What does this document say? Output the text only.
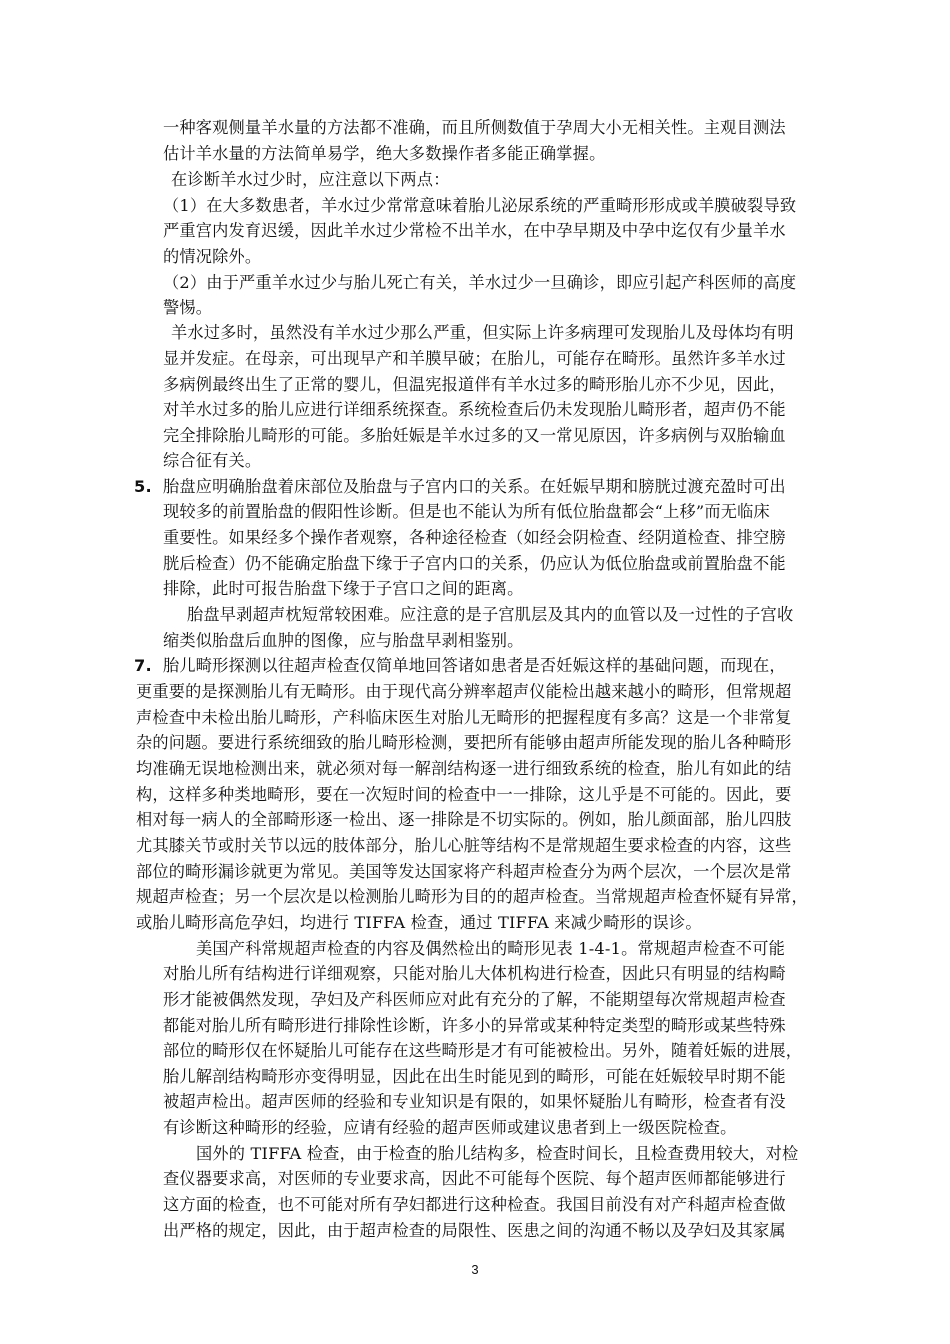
一种客观侧量羊水量的方法都不准确，而且所侧数值于孕周大小无相关性。主观目测法
估计羊水量的方法简单易学，绝大多数操作者多能正确掌握。
在诊断羊水过少时，应注意以下两点：
（1）在大多数患者，羊水过少常常意味着胎儿泌尿系统的严重畸形形成或羊膜破裂导致
严重宫内发育迟缓，因此羊水过少常检不出羊水，在中孕早期及中孕中迄仅有少量羊水
的情况除外。
（2）由于严重羊水过少与胎儿死亡有关，羊水过少一旦确诊，即应引起产科医师的高度
警惕。
羊水过多时，虽然没有羊水过少那么严重，但实际上许多病理可发现胎儿及母体均有明
显并发症。在母亲，可出现早产和羊膜早破；在胎儿，可能存在畸形。虽然许多羊水过
多病例最终出生了正常的婴儿，但温宪报道伴有羊水过多的畸形胎儿亦不少见，因此，
对羊水过多的胎儿应进行详细系统探查。系统检查后仍未发现胎儿畸形者，超声仍不能
完全排除胎儿畸形的可能。多胎妊娠是羊水过多的又一常见原因，许多病例与双胎输血
综合征有关。
5. 胎盘应明确胎盘着床部位及胎盘与子宫内口的关系。在妊娠早期和膀胱过渡充盈时可出
现较多的前置胎盘的假阳性诊断。但是也不能认为所有低位胎盘都会“上移”而无临床
重要性。如果经多个操作者观察，各种途径检查（如经会阴检查、经阴道检查、排空膀
胱后检查）仍不能确定胎盘下缘于子宫内口的关系，仍应认为低位胎盘或前置胎盘不能
排除，此时可报告胎盘下缘于子宫口之间的距离。
胎盘早剥超声枕短常较困难。应注意的是子宫肌层及其内的血管以及一过性的子宫收
缩类似胎盘后血肿的图像，应与胎盘早剥相鉴别。
7. 胎儿畸形探测以往超声检查仅简单地回答诸如患者是否妊娠这样的基础问题，而现在，
更重要的是探测胎儿有无畸形。由于现代高分辨率超声仪能检出越来越小的畸形，但常规超
声检查中未检出胎儿畸形，产科临床医生对胎儿无畸形的把握程度有多高？这是一个非常复
杂的问题。要进行系统细致的胎儿畸形检测，要把所有能够由超声所能发现的胎儿各种畸形
均准确无误地检测出来，就必须对每一解剖结构逐一进行细致系统的检查，胎儿有如此的结
构，这样多种类地畸形，要在一次短时间的检查中一一排除，这儿乎是不可能的。因此，要
相对每一病人的全部畸形逐一检出、逐一排除是不切实际的。例如，胎儿颜面部，胎儿四肢
尤其膝关节或肘关节以远的肢体部分，胎儿心脏等结构不是常规超生要求检查的内容，这些
部位的畸形漏诊就更为常见。美国等发达国家将产科超声检查分为两个层次，一个层次是常
规超声检查；另一个层次是以检测胎儿畸形为目的的超声检查。当常规超声检查怀疑有异常，
或胎儿畸形高危孕妇，均进行 TIFFA 检查，通过 TIFFA 来减少畸形的误诊。
美国产科常规超声检查的内容及偶然检出的畸形见表 1-4-1。常规超声检查不可能
对胎儿所有结构进行详细观察，只能对胎儿大体机构进行检查，因此只有明显的结构畸
形才能被偶然发现，孕妇及产科医师应对此有充分的了解，不能期望每次常规超声检查
都能对胎儿所有畸形进行排除性诊断，许多小的异常或某种特定类型的畸形或某些特殊
部位的畸形仅在怀疑胎儿可能存在这些畸形是才有可能被检出。另外，随着妊娠的进展，
胎儿解剖结构畸形亦变得明显，因此在出生时能见到的畸形，可能在妊娠较早时期不能
被超声检出。超声医师的经验和专业知识是有限的，如果怀疑胎儿有畸形，检查者有没
有诊断这种畸形的经验，应请有经验的超声医师或建议患者到上一级医院检查。
国外的 TIFFA 检查，由于检查的胎儿结构多，检查时间长，且检查费用较大，对检
查仪器要求高，对医师的专业要求高，因此不可能每个医院、每个超声医师都能够进行
这方面的检查，也不可能对所有孕妇都进行这种检查。我国目前没有对产科超声检查做
出严格的规定，因此，由于超声检查的局限性、医患之间的沟通不畅以及孕妇及其家属
3
